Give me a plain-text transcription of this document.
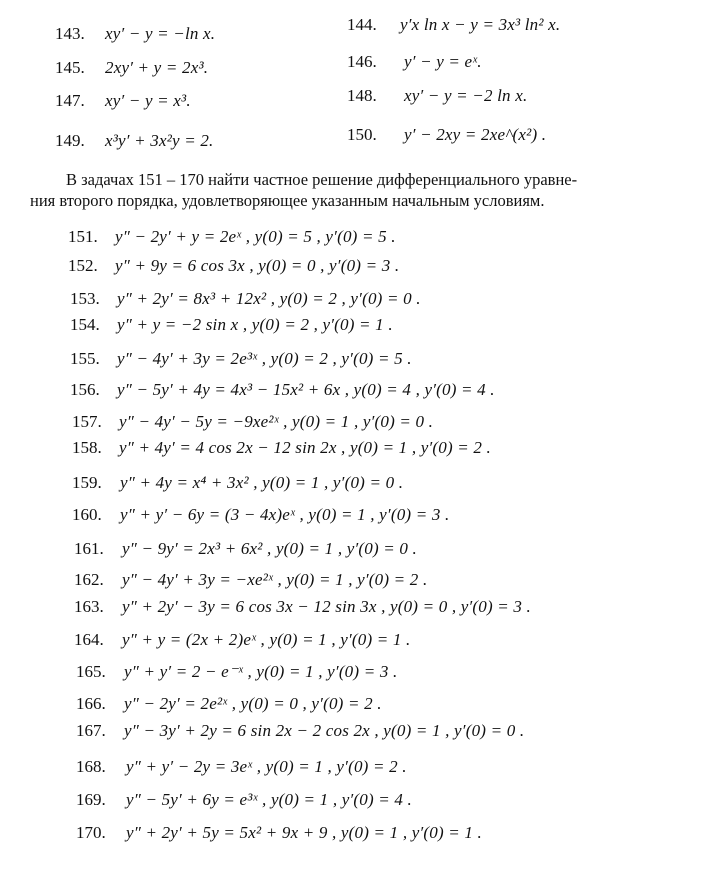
143. xy′ − y = −ln x.	144. y′x ln x − y = 3x³ ln² x.
145. 2xy′ + y = 2x³.	146. y′ − y = eˣ.
147. xy′ − y = x³.	148. xy′ − y = −2 ln x.
149. x³y′ + 3x²y = 2.	150. y′ − 2xy = 2xe^(x²) .
В задачах 151 – 170 найти частное решение дифференциального уравне-
ния второго порядка, удовлетворяющее указанным начальным условиям.
151. y″ − 2y′ + y = 2eˣ , y(0) = 5 , y′(0) = 5 .
152. y″ + 9y = 6 cos 3x , y(0) = 0 , y′(0) = 3 .
153. y″ + 2y′ = 8x³ + 12x² , y(0) = 2 , y′(0) = 0 .
154. y″ + y = −2 sin x , y(0) = 2 , y′(0) = 1 .
155. y″ − 4y′ + 3y = 2e³ˣ , y(0) = 2 , y′(0) = 5 .
156. y″ − 5y′ + 4y = 4x³ − 15x² + 6x , y(0) = 4 , y′(0) = 4 .
157. y″ − 4y′ − 5y = −9xe²ˣ , y(0) = 1 , y′(0) = 0 .
158. y″ + 4y′ = 4 cos 2x − 12 sin 2x , y(0) = 1 , y′(0) = 2 .
159. y″ + 4y = x⁴ + 3x² , y(0) = 1 , y′(0) = 0 .
160. y″ + y′ − 6y = (3 − 4x)eˣ , y(0) = 1 , y′(0) = 3 .
161. y″ − 9y′ = 2x³ + 6x² , y(0) = 1 , y′(0) = 0 .
162. y″ − 4y′ + 3y = −xe²ˣ , y(0) = 1 , y′(0) = 2 .
163. y″ + 2y′ − 3y = 6 cos 3x − 12 sin 3x , y(0) = 0 , y′(0) = 3 .
164. y″ + y = (2x + 2)eˣ , y(0) = 1 , y′(0) = 1 .
165. y″ + y′ = 2 − e⁻ˣ , y(0) = 1 , y′(0) = 3 .
166. y″ − 2y′ = 2e²ˣ , y(0) = 0 , y′(0) = 2 .
167. y″ − 3y′ + 2y = 6 sin 2x − 2 cos 2x , y(0) = 1 , y′(0) = 0 .
168. y″ + y′ − 2y = 3eˣ , y(0) = 1 , y′(0) = 2 .
169. y″ − 5y′ + 6y = e³ˣ , y(0) = 1 , y′(0) = 4 .
170. y″ + 2y′ + 5y = 5x² + 9x + 9 , y(0) = 1 , y′(0) = 1 .
